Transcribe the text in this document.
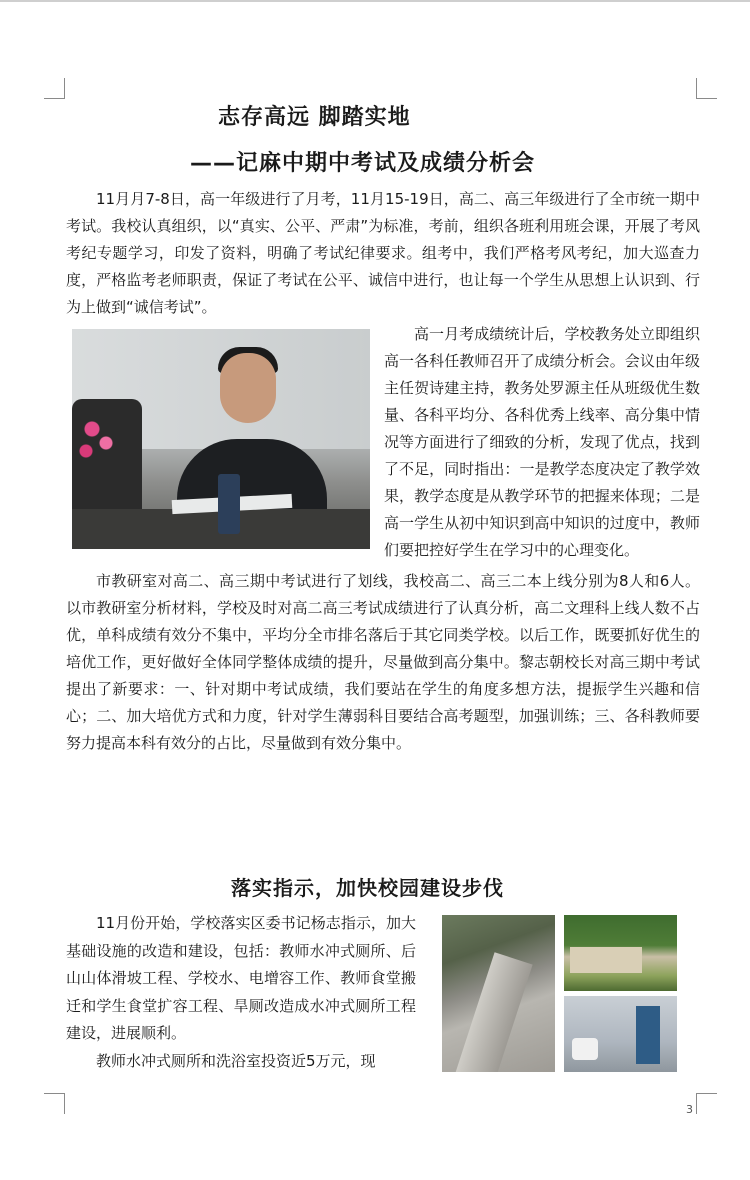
志存高远 脚踏实地
——记麻中期中考试及成绩分析会

11月月7-8日，高一年级进行了月考，11月15-19日，高二、高三年级进行了全市统一期中考试。我校认真组织，以“真实、公平、严肃”为标准，考前，组织各班利用班会课，开展了考风考纪专题学习，印发了资料，明确了考试纪律要求。组考中，我们严格考风考纪，加大巡查力度，严格监考老师职责，保证了考试在公平、诚信中进行，也让每一个学生从思想上认识到、行为上做到“诚信考试”。

高一月考成绩统计后，学校教务处立即组织高一各科任教师召开了成绩分析会。会议由年级主任贺诗建主持，教务处罗源主任从班级优生数量、各科平均分、各科优秀上线率、高分集中情况等方面进行了细致的分析，发现了优点，找到了不足，同时指出：一是教学态度决定了教学效果，教学态度是从教学环节的把握来体现；二是高一学生从初中知识到高中知识的过度中，教师们要把控好学生在学习中的心理变化。

市教研室对高二、高三期中考试进行了划线，我校高二、高三二本上线分别为8人和6人。以市教研室分析材料，学校及时对高二高三考试成绩进行了认真分析，高二文理科上线人数不占优，单科成绩有效分不集中，平均分全市排名落后于其它同类学校。以后工作，既要抓好优生的培优工作，更好做好全体同学整体成绩的提升，尽量做到高分集中。黎志朝校长对高三期中考试提出了新要求：一、针对期中考试成绩，我们要站在学生的角度多想方法，提振学生兴趣和信心；二、加大培优方式和力度，针对学生薄弱科目要结合高考题型，加强训练；三、各科教师要努力提高本科有效分的占比，尽量做到有效分集中。

落实指示，加快校园建设步伐

11月份开始，学校落实区委书记杨志指示，加大基础设施的改造和建设，包括：教师水冲式厕所、后山山体滑坡工程、学校水、电增容工作、教师食堂搬迁和学生食堂扩容工程、旱厕改造成水冲式厕所工程建设，进展顺利。

教师水冲式厕所和洗浴室投资近5万元，现

3
